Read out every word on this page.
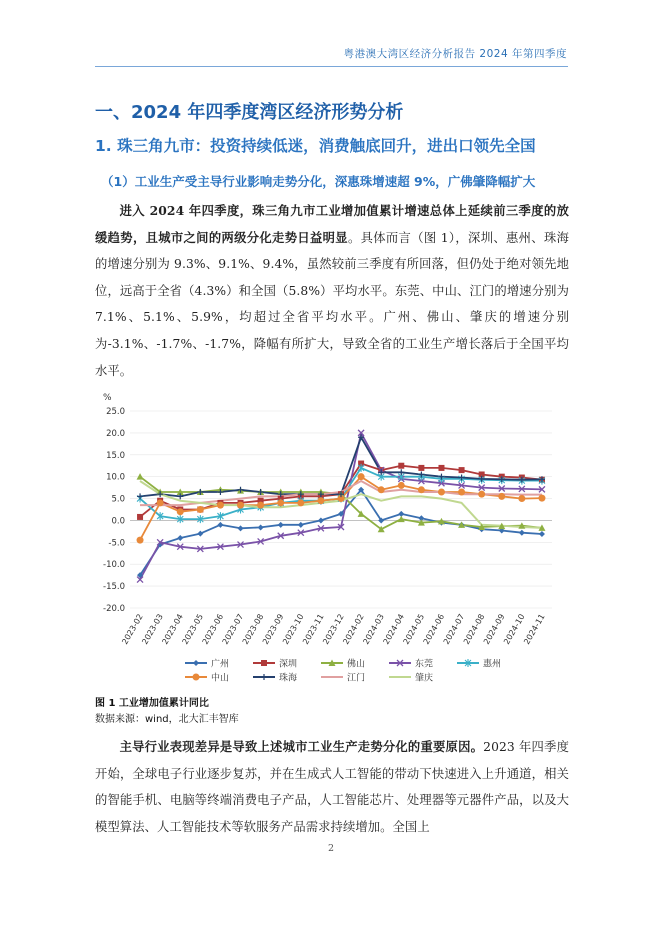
粤港澳大湾区经济分析报告 2024 年第四季度
一、2024 年四季度湾区经济形势分析
1. 珠三角九市：投资持续低迷，消费触底回升，进出口领先全国
（1）工业生产受主导行业影响走势分化，深惠珠增速超 9%，广佛肇降幅扩大

进入 2024 年四季度，珠三角九市工业增加值累计增速总体上延续前三季度的放缓趋势，且城市之间的两级分化走势日益明显。具体而言（图 1），深圳、惠州、珠海的增速分别为 9.3%、9.1%、9.4%，虽然较前三季度有所回落，但仍处于绝对领先地位，远高于全省（4.3%）和全国（5.8%）平均水平。东莞、中山、江门的增速分别为 7.1%、5.1%、5.9%，均超过全省平均水平。广州、佛山、肇庆的增速分别为-3.1%、-1.7%、-1.7%，降幅有所扩大，导致全省的工业生产增长落后于全国平均水平。

%
25.0
20.0
15.0
10.0
5.0
0.0
-5.0
-10.0
-15.0
-20.0
2023-02
2023-03
2023-04
2023-05
2023-06
2023-07
2023-08
2023-09
2023-10
2023-11
2023-12
2024-02
2024-03
2024-04
2024-05
2024-06
2024-07
2024-08
2024-09
2024-10
2024-11
广州	深圳	佛山	东莞	惠州
中山	珠海	江门	肇庆
图 1 工业增加值累计同比
数据来源：wind，北大汇丰智库

主导行业表现差异是导致上述城市工业生产走势分化的重要原因。2023 年四季度开始，全球电子行业逐步复苏，并在生成式人工智能的带动下快速进入上升通道，相关的智能手机、电脑等终端消费电子产品，人工智能芯片、处理器等元器件产品，以及大模型算法、人工智能技术等软服务产品需求持续增加。全国上

2
